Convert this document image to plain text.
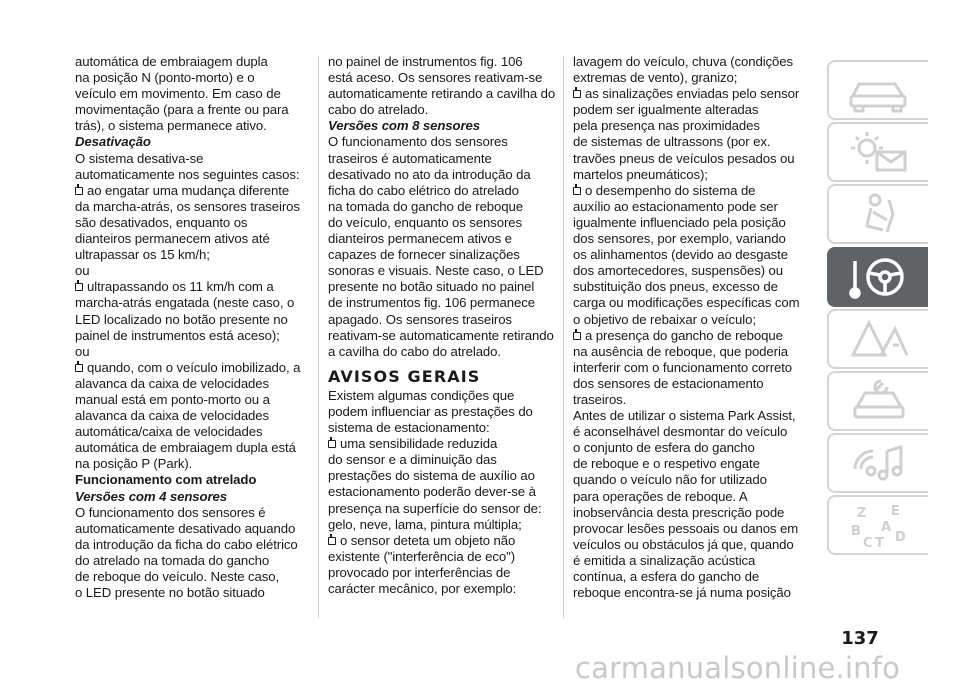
automática de embraiagem dupla
na posição N (ponto-morto) e o
veículo em movimento. Em caso de
movimentação (para a frente ou para
trás), o sistema permanece ativo.

Desativação

O sistema desativa-se
automaticamente nos seguintes casos:

ao engatar uma mudança diferente
da marcha-atrás, os sensores traseiros
são desativados, enquanto os
dianteiros permanecem ativos até
ultrapassar os 15 km/h;

ou

ultrapassando os 11 km/h com a
marcha-atrás engatada (neste caso, o
LED localizado no botão presente no
painel de instrumentos está aceso);

ou

quando, com o veículo imobilizado, a
alavanca da caixa de velocidades
manual está em ponto-morto ou a
alavanca da caixa de velocidades
automática/caixa de velocidades
automática de embraiagem dupla está
na posição P (Park).

Funcionamento com atrelado

Versões com 4 sensores

O funcionamento dos sensores é
automaticamente desativado aquando
da introdução da ficha do cabo elétrico
do atrelado na tomada do gancho
de reboque do veículo. Neste caso,
o LED presente no botão situado

no painel de instrumentos fig. 106
está aceso. Os sensores reativam-se
automaticamente retirando a cavilha do
cabo do atrelado.

Versões com 8 sensores

O funcionamento dos sensores
traseiros é automaticamente
desativado no ato da introdução da
ficha do cabo elétrico do atrelado
na tomada do gancho de reboque
do veículo, enquanto os sensores
dianteiros permanecem ativos e
capazes de fornecer sinalizações
sonoras e visuais. Neste caso, o LED
presente no botão situado no painel
de instrumentos fig. 106 permanece
apagado. Os sensores traseiros
reativam-se automaticamente retirando
a cavilha do cabo do atrelado.

AVISOS GERAIS

Existem algumas condições que
podem influenciar as prestações do
sistema de estacionamento:

uma sensibilidade reduzida
do sensor e a diminuição das
prestações do sistema de auxílio ao
estacionamento poderão dever-se à
presença na superfície do sensor de:
gelo, neve, lama, pintura múltipla;

o sensor deteta um objeto não
existente ("interferência de eco")
provocado por interferências de
carácter mecânico, por exemplo:

lavagem do veículo, chuva (condições
extremas de vento), granizo;

as sinalizações enviadas pelo sensor
podem ser igualmente alteradas
pela presença nas proximidades
de sistemas de ultrassons (por ex.
travões pneus de veículos pesados ou
martelos pneumáticos);

o desempenho do sistema de
auxílio ao estacionamento pode ser
igualmente influenciado pela posição
dos sensores, por exemplo, variando
os alinhamentos (devido ao desgaste
dos amortecedores, suspensões) ou
substituição dos pneus, excesso de
carga ou modificações específicas com
o objetivo de rebaixar o veículo;

a presença do gancho de reboque
na ausência de reboque, que poderia
interferir com o funcionamento correto
dos sensores de estacionamento
traseiros.

Antes de utilizar o sistema Park Assist,
é aconselhável desmontar do veículo
o conjunto de esfera do gancho
de reboque e o respetivo engate
quando o veículo não for utilizado
para operações de reboque. A
inobservância desta prescrição pode
provocar lesões pessoais ou danos em
veículos ou obstáculos já que, quando
é emitida a sinalização acústica
contínua, a esfera do gancho de
reboque encontra-se já numa posição

Z E
A
B
C T D
137
carmanualsonline.info
